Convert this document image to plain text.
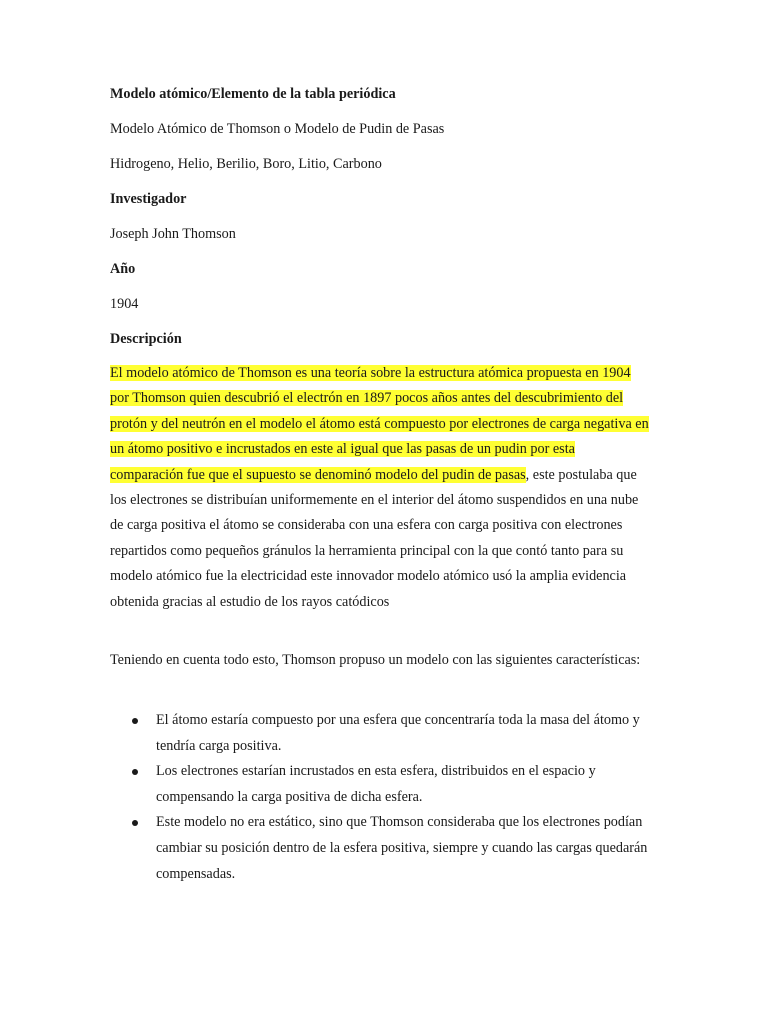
Modelo atómico/Elemento de la tabla periódica

Modelo Atómico de Thomson o Modelo de Pudin de Pasas

Hidrogeno, Helio, Berilio, Boro, Litio, Carbono

Investigador

Joseph John Thomson

Año

1904

Descripción

El modelo atómico de Thomson es una teoría sobre la estructura atómica propuesta en 1904 por Thomson quien descubrió el electrón en 1897 pocos años antes del descubrimiento del protón y del neutrón en el modelo el átomo está compuesto por electrones de carga negativa en un átomo positivo e incrustados en este al igual que las pasas de un pudin por esta comparación fue que el supuesto se denominó modelo del pudin de pasas, este postulaba que los electrones se distribuían uniformemente en el interior del átomo suspendidos en una nube de carga positiva el átomo se consideraba con una esfera con carga positiva con electrones repartidos como pequeños gránulos la herramienta principal con la que contó tanto para su modelo atómico fue la electricidad este innovador modelo atómico usó la amplia evidencia obtenida gracias al estudio de los rayos catódicos

Teniendo en cuenta todo esto, Thomson propuso un modelo con las siguientes características:

El átomo estaría compuesto por una esfera que concentraría toda la masa del átomo y tendría carga positiva.
Los electrones estarían incrustados en esta esfera, distribuidos en el espacio y compensando la carga positiva de dicha esfera.
Este modelo no era estático, sino que Thomson consideraba que los electrones podían cambiar su posición dentro de la esfera positiva, siempre y cuando las cargas quedarán compensadas.
